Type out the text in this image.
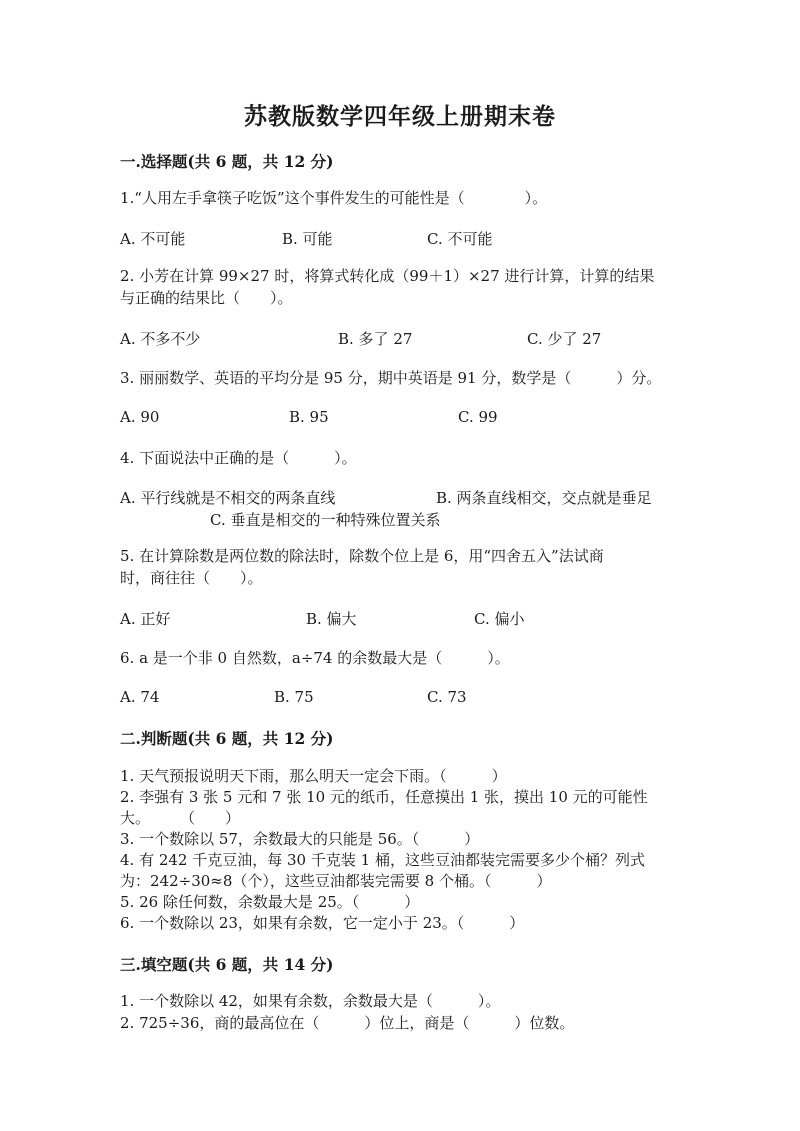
苏教版数学四年级上册期末卷
一.选择题(共 6 题，共 12 分)
1.“人用左手拿筷子吃饭”这个事件发生的可能性是（　　　　）。
A. 不可能	B. 可能	C. 不可能
2. 小芳在计算 99×27 时，将算式转化成（99＋1）×27 进行计算，计算的结果
与正确的结果比（　　）。
A. 不多不少	B. 多了 27	C. 少了 27
3. 丽丽数学、英语的平均分是 95 分，期中英语是 91 分，数学是（　　　）分。
A. 90	B. 95	C. 99
4. 下面说法中正确的是（　　　）。
A. 平行线就是不相交的两条直线	B. 两条直线相交，交点就是垂足
C. 垂直是相交的一种特殊位置关系
5. 在计算除数是两位数的除法时，除数个位上是 6，用“四舍五入”法试商
时，商往往（　　）。
A. 正好	B. 偏大	C. 偏小
6. a 是一个非 0 自然数，a÷74 的余数最大是（　　　）。
A. 74	B. 75	C. 73
二.判断题(共 6 题，共 12 分)
1. 天气预报说明天下雨，那么明天一定会下雨。（　　　）
2. 李强有 3 张 5 元和 7 张 10 元的纸币，任意摸出 1 张，摸出 10 元的可能性
大。　　　（　　）
3. 一个数除以 57，余数最大的只能是 56。（　　　）
4. 有 242 千克豆油，每 30 千克装 1 桶，这些豆油都装完需要多少个桶？列式
为：242÷30≈8（个），这些豆油都装完需要 8 个桶。（　　　）
5. 26 除任何数，余数最大是 25。（　　　）
6. 一个数除以 23，如果有余数，它一定小于 23。（　　　）
三.填空题(共 6 题，共 14 分)
1. 一个数除以 42，如果有余数，余数最大是（　　　）。
2. 725÷36，商的最高位在（　　　）位上，商是（　　　）位数。
